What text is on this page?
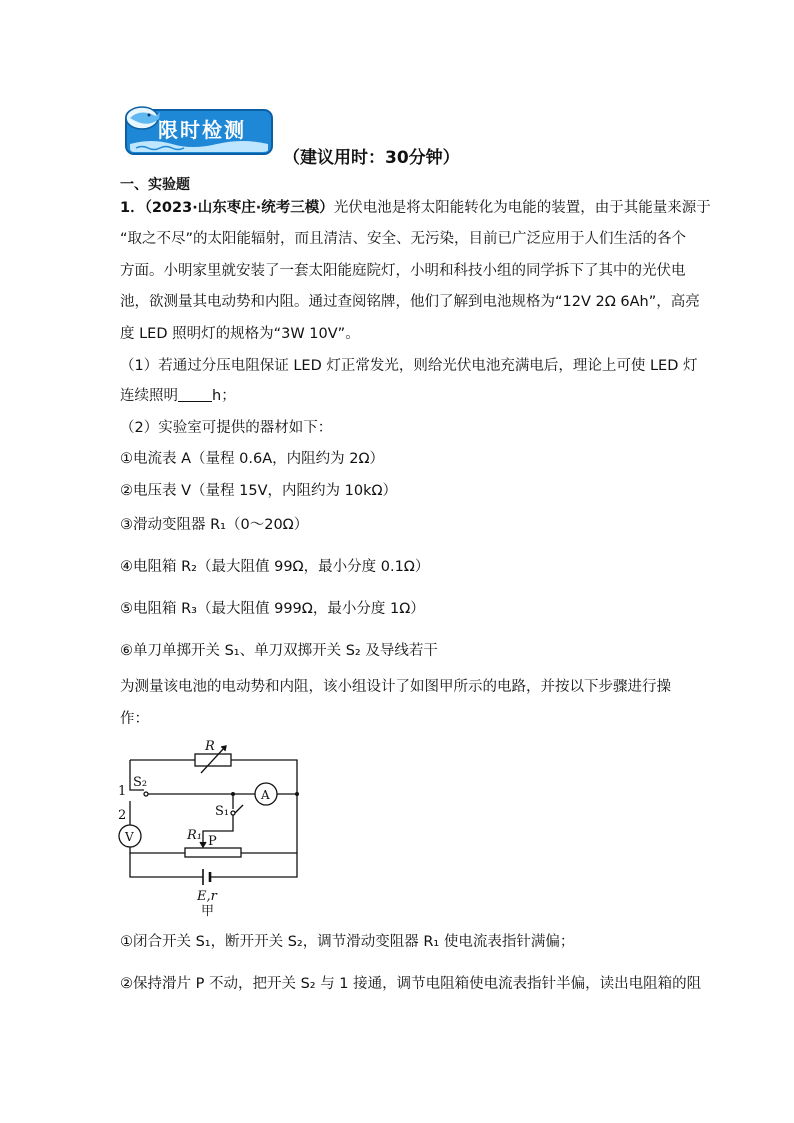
限时检测
（建议用时：30分钟）
一、实验题
1．（2023·山东枣庄·统考三模）光伏电池是将太阳能转化为电能的装置，由于其能量来源于
“取之不尽”的太阳能辐射，而且清洁、安全、无污染，目前已广泛应用于人们生活的各个
方面。小明家里就安装了一套太阳能庭院灯，小明和科技小组的同学拆下了其中的光伏电
池，欲测量其电动势和内阻。通过查阅铭牌，他们了解到电池规格为“12V 2Ω 6Ah”，高亮
度 LED 照明灯的规格为“3W 10V”。
（1）若通过分压电阻保证 LED 灯正常发光，则给光伏电池充满电后，理论上可使 LED 灯
连续照明 h；
（2）实验室可提供的器材如下：
①电流表 A（量程 0.6A，内阻约为 2Ω）
②电压表 V（量程 15V，内阻约为 10kΩ）
③滑动变阻器 R₁（0～20Ω）
④电阻箱 R₂（最大阻值 99Ω，最小分度 0.1Ω）
⑤电阻箱 R₃（最大阻值 999Ω，最小分度 1Ω）
⑥单刀单掷开关 S₁、单刀双掷开关 S₂ 及导线若干
为测量该电池的电动势和内阻，该小组设计了如图甲所示的电路，并按以下步骤进行操
作：
R
S₂
1
2
A
S₁
V	R₁ P
E,r
甲
①闭合开关 S₁，断开开关 S₂，调节滑动变阻器 R₁ 使电流表指针满偏；
②保持滑片 P 不动，把开关 S₂ 与 1 接通，调节电阻箱使电流表指针半偏，读出电阻箱的阻
